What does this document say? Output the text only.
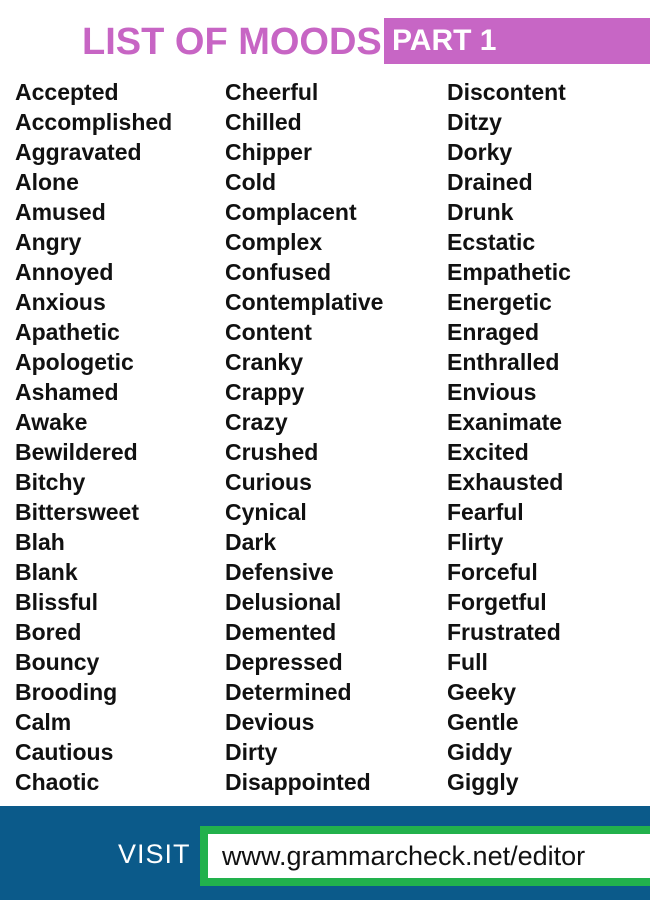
LIST OF MOODS PART 1
Accepted
Accomplished
Aggravated
Alone
Amused
Angry
Annoyed
Anxious
Apathetic
Apologetic
Ashamed
Awake
Bewildered
Bitchy
Bittersweet
Blah
Blank
Blissful
Bored
Bouncy
Brooding
Calm
Cautious
Chaotic
Cheerful
Chilled
Chipper
Cold
Complacent
Complex
Confused
Contemplative
Content
Cranky
Crappy
Crazy
Crushed
Curious
Cynical
Dark
Defensive
Delusional
Demented
Depressed
Determined
Devious
Dirty
Disappointed
Discontent
Ditzy
Dorky
Drained
Drunk
Ecstatic
Empathetic
Energetic
Enraged
Enthralled
Envious
Exanimate
Excited
Exhausted
Fearful
Flirty
Forceful
Forgetful
Frustrated
Full
Geeky
Gentle
Giddy
Giggly
VISIT	www.grammarcheck.net/editor
